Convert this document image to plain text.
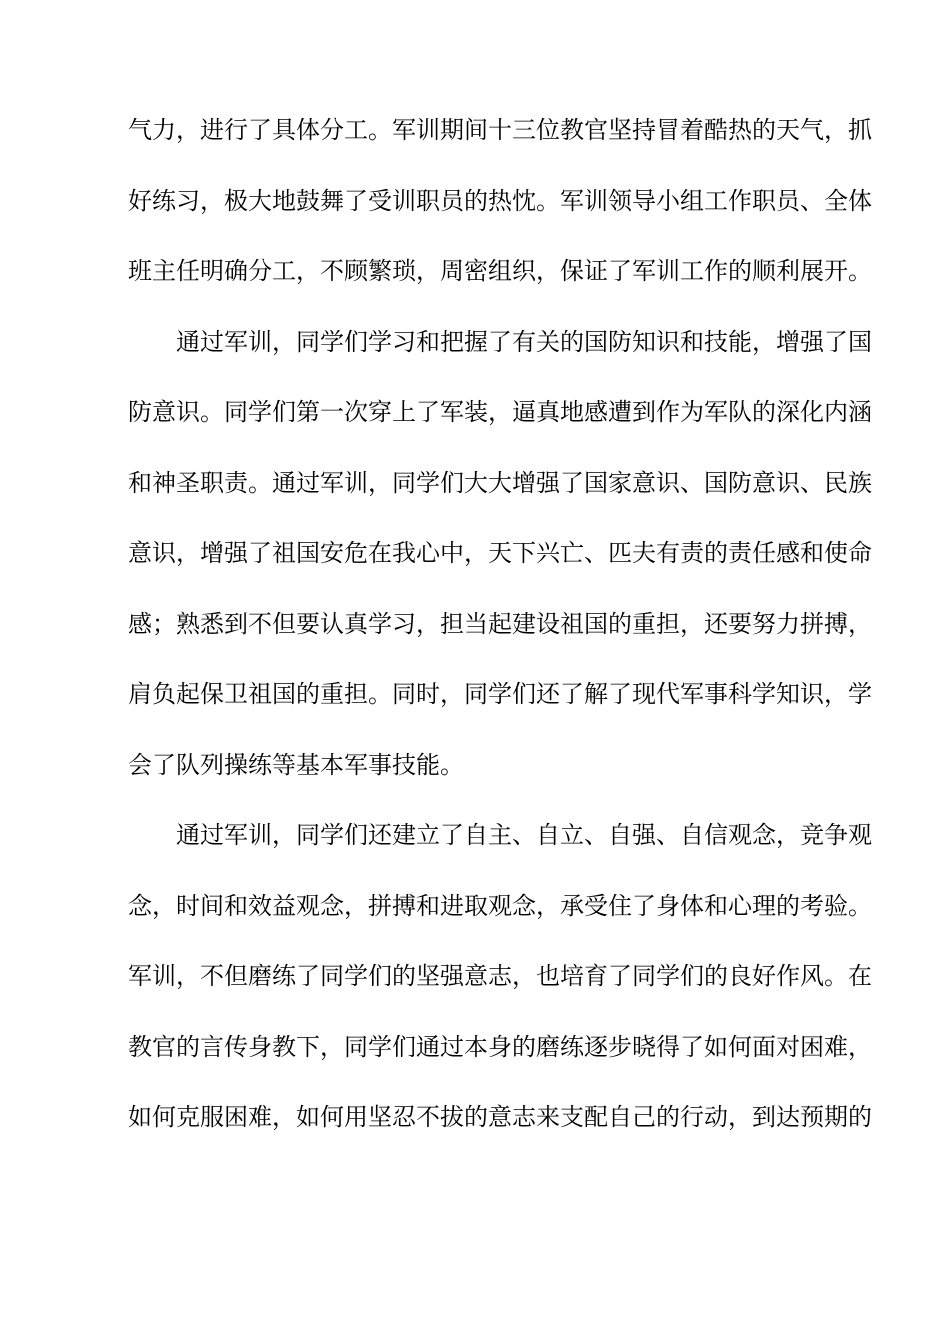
气力，进行了具体分工。军训期间十三位教官坚持冒着酷热的天气，抓
好练习，极大地鼓舞了受训职员的热忱。军训领导小组工作职员、全体
班主任明确分工，不顾繁琐，周密组织，保证了军训工作的顺利展开。
通过军训，同学们学习和把握了有关的国防知识和技能，增强了国
防意识。同学们第一次穿上了军装，逼真地感遭到作为军队的深化内涵
和神圣职责。通过军训，同学们大大增强了国家意识、国防意识、民族
意识，增强了祖国安危在我心中，天下兴亡、匹夫有责的责任感和使命
感；熟悉到不但要认真学习，担当起建设祖国的重担，还要努力拼搏，
肩负起保卫祖国的重担。同时，同学们还了解了现代军事科学知识，学
会了队列操练等基本军事技能。
通过军训，同学们还建立了自主、自立、自强、自信观念，竞争观
念，时间和效益观念，拼搏和进取观念，承受住了身体和心理的考验。
军训，不但磨练了同学们的坚强意志，也培育了同学们的良好作风。在
教官的言传身教下，同学们通过本身的磨练逐步晓得了如何面对困难，
如何克服困难，如何用坚忍不拔的意志来支配自己的行动，到达预期的
